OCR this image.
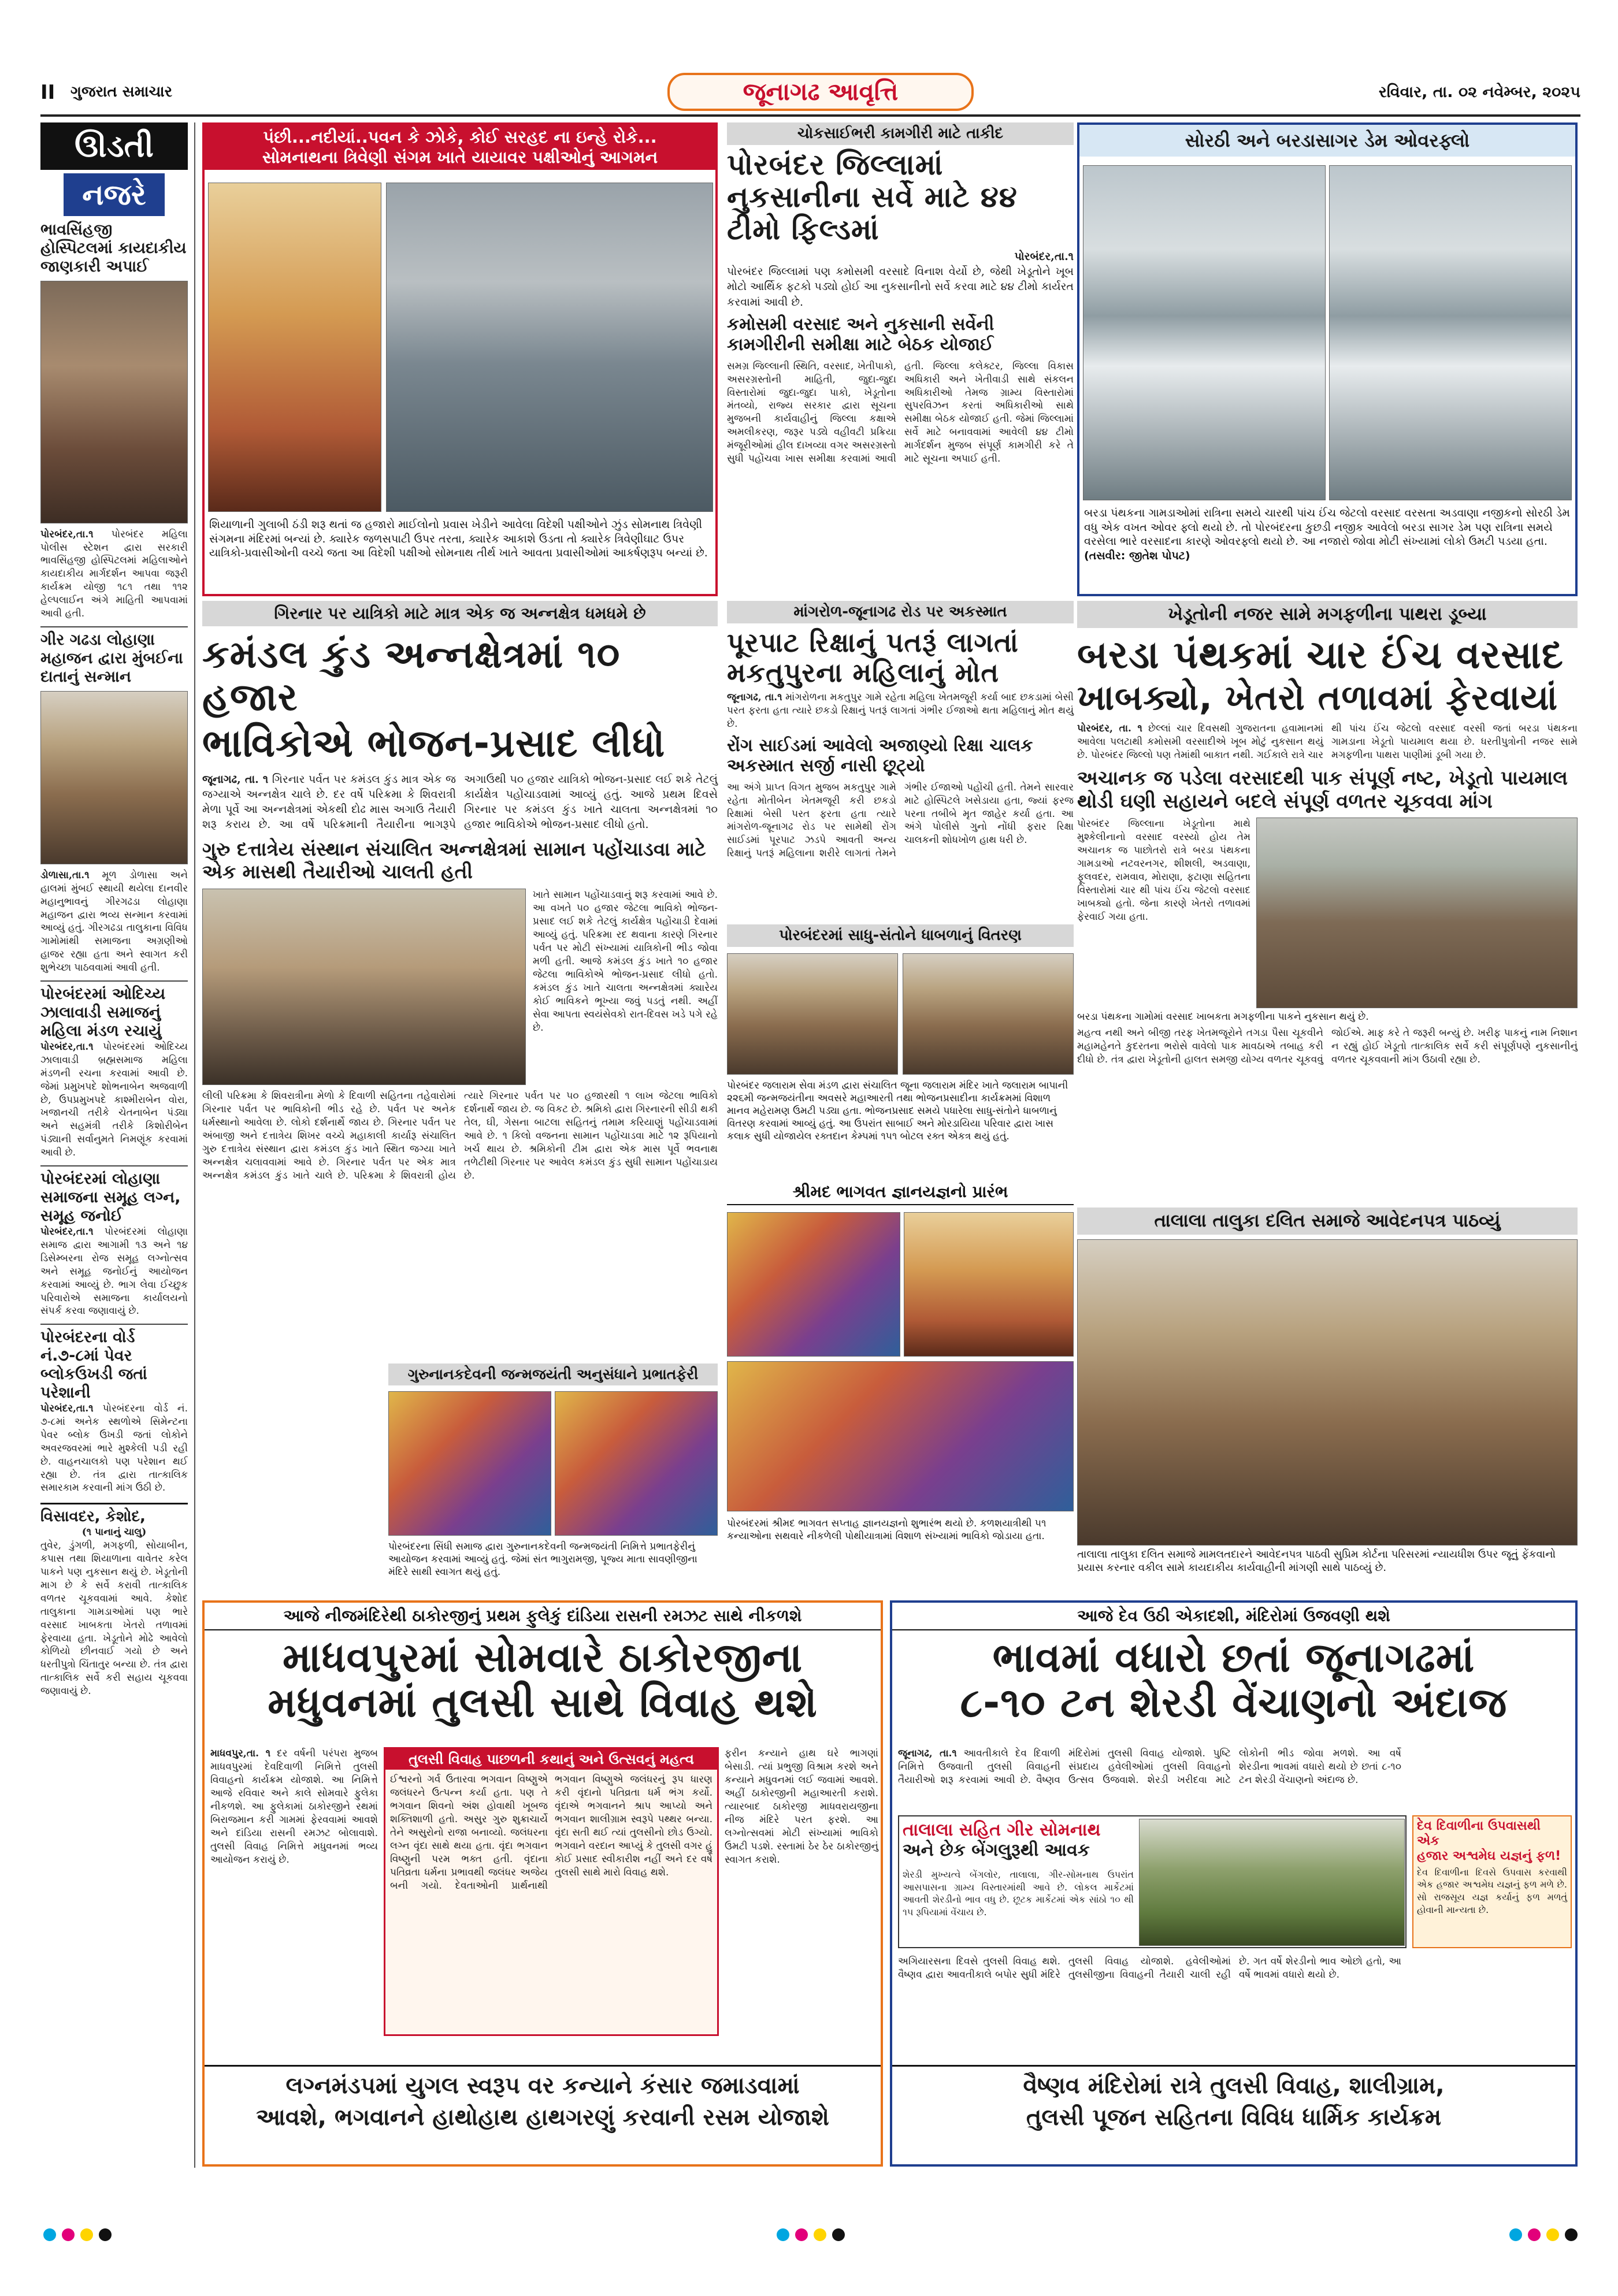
II ગુજરાત સમાચાર	જૂનાગઢ આવૃત્તિ	રવિવાર, તા. ૦૨ નવેમ્બર, ૨૦૨૫
ઊડતી
નજરે
ભાવસિંહજી હોસ્પિટલમાં કાયદાકીય જાણકારી અપાઈ
પોરબંદર,તા.૧ પોરબંદર મહિલા પોલીસ સ્ટેશન દ્વારા સરકારી ભાવસિંહજી હોસ્પિટલમાં મહિલાઓને કાયદાકીય માર્ગદર્શન આપવા જરૂરી કાર્યક્રમ યોજી ૧૮૧ તથા ૧૧૨ હેલ્પલાઈન અંગે માહિતી આપવામાં આવી હતી.
ગીર ગઢડા લોહાણા મહાજન દ્વારા મુંબઈના દાતાનું સન્માન
ડોળાસા,તા.૧ મૂળ ડોળાસા અને હાલમાં મુંબઈ સ્થાયી થયેલા દાનવીર મહાનુભાવનું ગીરગઢડા લોહાણા મહાજન દ્વારા ભવ્ય સન્માન કરવામાં આવ્યું હતું. ગીરગઢડા તાલુકાના વિવિધ ગામોમાંથી સમાજના અગ્રણીઓ હાજર રહ્યા હતા અને સ્વાગત કરી શુભેચ્છા પાઠવવામાં આવી હતી.
પોરબંદરમાં ઓદિચ્ય ઝાલાવાડી સમાજનું મહિલા મંડળ રચાયું
પોરબંદર,તા.૧ પોરબંદરમાં ઓદિચ્ય ઝાલાવાડી બ્રહ્મસમાજ મહિલા મંડળની રચના કરવામાં આવી છે. જેમાં પ્રમુખપદે શોભનાબેન અજવાળી છે, ઉપપ્રમુખપદે કાશ્મીરાબેન વોરા, ખજાનચી તરીકે ચેતનાબેન પંડ્યા અને સહમંત્રી તરીકે કિશોરીબેન પંડ્યાની સર્વાનુમતે નિમણૂંક કરવામાં આવી છે.
પોરબંદરમાં લોહાણા સમાજના સમૂહ લગ્ન, સમૂહ જનોઈ
પોરબંદર,તા.૧ પોરબંદરમાં લોહાણા સમાજ દ્વારા આગામી ૧૩ અને ૧૪ ડિસેમ્બરના રોજ સમૂહ લગ્નોત્સવ અને સમૂહ જનોઈનું આયોજન કરવામાં આવ્યું છે. ભાગ લેવા ઈચ્છુક પરિવારોએ સમાજના કાર્યાલયનો સંપર્ક કરવા જણાવાયું છે.
પોરબંદરના વોર્ડ નં.૭-૮માં પેવર બ્લોકઉખડી જતાં પરેશાની
પોરબંદર,તા.૧ પોરબંદરના વોર્ડ નં. ૭-૮માં અનેક સ્થળોએ સિમેન્ટના પેવર બ્લોક ઉખડી જતાં લોકોને અવરજવરમાં ભારે મુશ્કેલી પડી રહી છે. વાહનચાલકો પણ પરેશાન થઈ રહ્યા છે. તંત્ર દ્વારા તાત્કાલિક સમારકામ કરવાની માંગ ઉઠી છે.
વિસાવદર, કેશોદ,
(૧ પાનાનું ચાલુ)
તુવેર, ડુંગળી, મગફળી, સોયાબીન, કપાસ તથા શિયાળાના વાવેતર કરેલ પાકને પણ નુકસાન થયું છે. ખેડૂતોની માગ છે કે સર્વે કરાવી તાત્કાલિક વળતર ચૂકવવામાં આવે. કેશોદ તાલુકાના ગામડાઓમાં પણ ભારે વરસાદ ખાબકતા ખેતરો તળાવમાં ફેરવાયા હતા. ખેડૂતોને મોઢે આવેલો કોળિયો છીનવાઈ ગયો છે અને ધરતીપુત્રો ચિંતાતુર બન્યા છે. તંત્ર દ્વારા તાત્કાલિક સર્વે કરી સહાય ચૂકવવા જણાવાયું છે.
પંછી...નદીયાં..પવન કે ઝોકે, કોઈ સરહદ ના ઇન્હે રોકે...
સોમનાથના ત્રિવેણી સંગમ ખાતે યાયાવર પક્ષીઓનું આગમન
શિયાળાની ગુલાબી ઠંડી શરૂ થતાં જ હજારો માઈલોનો પ્રવાસ ખેડીને આવેલા વિદેશી પક્ષીઓને ઝુંડ સોમનાથ ત્રિવેણી સંગમના મંદિરમાં બન્યાં છે. ક્યારેક જળસપાટી ઉપર તરતા, ક્યારેક આકાશે ઉડતા તો ક્યારેક ત્રિવેણીઘાટ ઉપર યાત્રિકો-પ્રવાસીઓની વચ્ચે જતા આ વિદેશી પક્ષીઓ સોમનાથ તીર્થ ખાતે આવતા પ્રવાસીઓમાં આકર્ષણરૂપ બન્યાં છે.
ચોકસાઈભરી કામગીરી માટે તાકીદ
પોરબંદર જિલ્લામાં નુકસાનીના સર્વે માટે ૪૪ ટીમો ફિલ્ડમાં
પોરબંદર,તા.૧
પોરબંદર જિલ્લામાં પણ કમોસમી વરસાદે વિનાશ વેર્યો છે, જેથી ખેડૂતોને ખૂબ મોટો આર્થિક ફટકો પડ્યો હોઈ આ નુકસાનીનો સર્વે કરવા માટે ૪૪ ટીમો કાર્યરત કરવામાં આવી છે.
કમોસમી વરસાદ અને નુકસાની સર્વેની કામગીરીની સમીક્ષા માટે બેઠક યોજાઈ
સમગ્ર જિલ્લાની સ્થિતિ, વરસાદ, ખેતીપાકો, અસરગ્રસ્તોની માહિતી, જુદા-જુદા વિસ્તારોમાં જુદા-જુદા પાકો, ખેડૂતોના મંતવ્યો, રાજ્ય સરકાર દ્વારા સૂચના મુજબની કાર્યવાહીનું જિલ્લા કક્ષાએ અમલીકરણ, જરૂર પડ્યે વહીવટી પ્રક્રિયા મંજૂરીઓમાં હીલ દાખવ્યા વગર અસરગ્રસ્તો સુધી પહોંચવા ખાસ સમીક્ષા કરવામાં આવી હતી. જિલ્લા કલેક્ટર, જિલ્લા વિકાસ અધિકારી અને ખેતીવાડી સાથે સંકલન અધિકારીઓ તેમજ ગ્રામ્ય વિસ્તારોમાં સુપરવિઝન કરતાં અધિકારીઓ સાથે સમીક્ષા બેઠક યોજાઈ હતી. જેમાં જિલ્લામાં સર્વે માટે બનાવવામાં આવેલી ૪૪ ટીમો માર્ગદર્શન મુજબ સંપૂર્ણ કામગીરી કરે તે માટે સૂચના અપાઈ હતી.
સોરઠી અને બરડાસાગર ડેમ ઓવરફ્લો
બરડા પંથકના ગામડાઓમાં રાત્રિના સમયે ચારથી પાંચ ઈંચ જેટલો વરસાદ વરસતા અડવાણા નજીકનો સોરઠી ડેમ વધુ એક વખત ઓવર ફ્લો થયો છે. તો પોરબંદરના કુછડી નજીક આવેલો બરડા સાગર ડેમ પણ રાત્રિના સમયે વરસેલા ભારે વરસાદના કારણે ઓવરફ્લો થયો છે. આ નજારો જોવા મોટી સંખ્યામાં લોકો ઉમટી પડયા હતા. (તસવીર: જીતેશ પોપટ)
ગિરનાર પર યાત્રિકો માટે માત્ર એક જ અન્નક્ષેત્ર ધમધમે છે
કમંડલ કુંડ અન્નક્ષેત્રમાં ૧૦ હજાર
ભાવિકોએ ભોજન-પ્રસાદ લીધો
જૂનાગઢ, તા. ૧ ગિરનાર પર્વત પર કમંડલ કુંડ માત્ર એક જ જગ્યાએ અન્નક્ષેત્ર ચાલે છે. દર વર્ષે પરિક્રમા કે શિવરાત્રી મેળા પૂર્વે આ અન્નક્ષેત્રમાં એકથી દોઢ માસ અગાઉ તૈયારી શરૂ કરાય છે. આ વર્ષે પરિક્રમાની તૈયારીના ભાગરૂપે અગાઉથી ૫૦ હજાર યાત્રિકો ભોજન-પ્રસાદ લઈ શકે તેટલું કાર્યક્ષેત્ર પહોંચાડવામાં આવ્યું હતું. આજે પ્રથમ દિવસે ગિરનાર પર કમંડલ કુંડ ખાતે ચાલતા અન્નક્ષેત્રમાં ૧૦ હજાર ભાવિકોએ ભોજન-પ્રસાદ લીધો હતો.
ગુરુ દત્તાત્રેય સંસ્થાન સંચાલિત અન્નક્ષેત્રમાં સામાન પહોંચાડવા માટે એક માસથી તૈયારીઓ ચાલતી હતી
ખાતે સામાન પહોંચાડવાનું શરૂ કરવામાં આવે છે. આ વખતે ૫૦ હજાર જેટલા ભાવિકો ભોજન-પ્રસાદ લઈ શકે તેટલું કાર્યક્ષેત્ર પહોંચાડી દેવામાં આવ્યું હતું. પરિક્રમા રદ થવાના કારણે ગિરનાર પર્વત પર મોટી સંખ્યામાં યાત્રિકોની ભીડ જોવા મળી હતી. આજે કમંડલ કુંડ ખાતે ૧૦ હજાર જેટલા ભાવિકોએ ભોજન-પ્રસાદ લીધો હતો. કમંડલ કુંડ ખાતે ચાલતા અન્નક્ષેત્રમાં ક્યારેય કોઈ ભાવિકને ભૂખ્યા જવું પડતું નથી. અહીં સેવા આપતા સ્વયંસેવકો રાત-દિવસ ખડે પગે રહે છે.
લીલી પરિક્રમા કે શિવરાત્રીના મેળો કે દિવાળી સહિતના તહેવારોમાં ગિરનાર પર્વત પર ભાવિકોની ભીડ રહે છે. પર્વત પર અનેક ધર્મસ્થાનો આવેલા છે. લોકો દર્શનાર્થે જાય છે. ગિરનાર પર્વત પર અંબાજી અને દત્તાત્રેય શિખર વચ્ચે મહાકાલી કાર્યારૂ સંચાલિત ગુરુ દત્તાત્રેય સંસ્થાન દ્વારા કમંડલ કુંડ ખાતે સ્થિત જગ્યા ખાતે અન્નક્ષેત્ર ચલાવવામાં આવે છે. ગિરનાર પર્વત પર એક માત્ર અન્નક્ષેત્ર કમંડલ કુંડ ખાતે ચાલે છે. પરિક્રમા કે શિવરાત્રી હોય ત્યારે ગિરનાર પર્વત પર ૫૦ હજારથી ૧ લાખ જેટલા ભાવિકો દર્શનાર્થે જાય છે. જ વિકટ છે. શ્રમિકો દ્વારા ગિરનારની સીડી થકી તેલ, ઘી, ગેસના બાટલા સહિતનું તમામ કરિયાણું પહોંચાડવામાં આવે છે. ૧ કિલો વજનના સામાન પહોંચાડવા માટે ૧૨ રૂપિયાનો ખર્ચ થાય છે. શ્રમિકોની ટીમ દ્વારા એક માસ પૂર્વે ભવનાથ તળેટીથી ગિરનાર પર આવેલ કમંડલ કુંડ સુધી સામાન પહોંચાડાય છે.
માંગરોળ-જૂનાગઢ રોડ પર અકસ્માત
પૂરપાટ રિક્ષાનું પતરૂં લાગતાં મકતુપુરના મહિલાનું મોત
જૂનાગઢ, તા.૧ માંગરોળના મકતુપુર ગામે રહેતા મહિલા ખેતમજૂરી કર્યા બાદ છકડામાં બેસી પરત ફરતા હતા ત્યારે છકડો રિક્ષાનું પતરૂં લાગતાં ગંભીર ઈજાઓ થતા મહિલાનું મોત થયું છે.
રોંગ સાઈડમાં આવેલો અજાણ્યો રિક્ષા ચાલક અકસ્માત સર્જી નાસી છૂટ્યો
આ અંગે પ્રાપ્ત વિગત મુજબ મકતુપુર ગામે રહેતા મોતીબેન ખેતમજૂરી કરી છકડો રિક્ષામાં બેસી પરત ફરતા હતા ત્યારે માંગરોળ-જૂનાગઢ રોડ પર સામેથી રોંગ સાઈડમાં પૂરપાટ ઝડપે આવતી અન્ય રિક્ષાનું પતરૂં મહિલાના શરીરે લાગતાં તેમને ગંભીર ઈજાઓ પહોંચી હતી. તેમને સારવાર માટે હોસ્પિટલે ખસેડાયા હતા, જ્યાં ફરજ પરના તબીબે મૃત જાહેર કર્યા હતા. આ અંગે પોલીસે ગુનો નોંધી ફરાર રિક્ષા ચાલકની શોધખોળ હાથ ધરી છે.
પોરબંદરમાં સાધુ-સંતોને ધાબળાનું વિતરણ
પોરબંદર જલારામ સેવા મંડળ દ્વારા સંચાલિત જૂના જલારામ મંદિર ખાતે જલારામ બાપાની ૨૨૬મી જન્મજયંતીના અવસરે મહાઆરતી તથા ભોજનપ્રસાદીના કાર્યક્રમમાં વિશાળ માનવ મહેરામણ ઉમટી પડ્યા હતા. ભોજનપ્રસાદ સમયે પધારેલા સાધુ-સંતોને ધાબળાનું વિતરણ કરવામાં આવ્યું હતું. આ ઉપરાંત સાબાઈ અને મોરડાયિયા પરિવાર દ્વારા ખાસ કલાક સુધી યોજાયેલ રક્તદાન કેમ્પમાં ૧૫૧ બોટલ રક્ત એકત્ર થયું હતું.
ગુરુનાનકદેવની જન્મજયંતી અનુસંધાને પ્રભાતફેરી
પોરબંદરના સિંધી સમાજ દ્વારા ગુરુનાનકદેવની જન્મજયંતી નિમિત્તે પ્રભાતફેરીનું આયોજન કરવામાં આવ્યું હતું. જેમાં સંત ભાગુરામજી, પૂજ્ય માતા સાવણીજીના મંદિરે સાથી સ્વાગત થયું હતું.
શ્રીમદ ભાગવત જ્ઞાનયજ્ઞનો પ્રારંભ
પોરબંદરમાં શ્રીમદ ભાગવત સપ્તાહ જ્ઞાનયજ્ઞનો શુભારંભ થયો છે. કળશયાત્રીથી ૫૧ કન્યાઓના સથવારે નીકળેલી પોથીયાત્રામાં વિશાળ સંખ્યામાં ભાવિકો જોડાયા હતા.
ખેડૂતોની નજર સામે મગફળીના પાથરા ડૂબ્યા
બરડા પંથકમાં ચાર ઈંચ વરસાદ
ખાબક્યો, ખેતરો તળાવમાં ફેરવાયાં
પોરબંદર, તા. ૧ છેલ્લાં ચાર દિવસથી ગુજરાતના હવામાનમાં આવેલા પલટાથી કમોસમી વરસાદીએ ખૂબ મોટું નુકસાન થયું છે. પોરબંદર જિલ્લો પણ તેમાંથી બાકાત નથી. ગઈકાલે રાત્રે ચાર થી પાંચ ઈંચ જેટલો વરસાદ વરસી જતાં બરડા પંથકના ગામડાના ખેડૂતો પાયમાલ થયા છે. ધરતીપુત્રોની નજર સામે મગફળીના પાથરા પાણીમાં ડૂબી ગયા છે.
અચાનક જ પડેલા વરસાદથી પાક સંપૂર્ણ નષ્ટ, ખેડૂતો પાયમાલ થોડી ઘણી સહાયને બદલે સંપૂર્ણ વળતર ચૂકવવા માંગ
પોરબંદર જિલ્લાના ખેડૂતોના માથે મુશ્કેલીનાનો વરસાદ વરસ્યો હોય તેમ અચાનક જ પાછોતરો રાત્રે બરડા પંથકના ગામડાઓ નટવરનગર, શીશલી, અડવાણા, ફૂલવદર, રામવાવ, મોરાણા, ફટાણા સહિતના વિસ્તારોમાં ચાર થી પાંચ ઈંચ જેટલો વરસાદ ખાબક્યો હતો. જેના કારણે ખેતરો તળાવમાં ફેરવાઈ ગયા હતા.
બરડા પંથકના ગામોમાં વરસાદ ખાબકતા મગફળીના પાકને નુકસાન થયું છે.
મહત્વ નથી અને બીજી તરફ ખેતમજૂરોને તગડા પૈસા ચૂકવીને મહામહેનતે કુદરતના ભરોસે વાવેલો પાક માવઠાએ તબાહ કરી દીધો છે. તંત્ર દ્વારા ખેડૂતોની હાલત સમજી યોગ્ય વળતર ચૂકવવું જોઈએ. માફ કરે તે જરૂરી બન્યું છે. ખરીફ પાકનું નામ નિશાન ન રહ્યું હોઈ ખેડૂતો તાત્કાલિક સર્વે કરી સંપૂર્ણપણે નુકસાનીનું વળતર ચૂકવવાની માંગ ઉઠાવી રહ્યા છે.
તાલાલા તાલુકા દલિત સમાજે આવેદનપત્ર પાઠવ્યું
તાલાલા તાલુકા દલિત સમાજે મામલતદારને આવેદનપત્ર પાઠવી સુપ્રિમ કોર્ટના પરિસરમાં ન્યાયધીશ ઉપર જૂતું ફેંકવાનો પ્રયાસ કરનાર વકીલ સામે કાયદાકીય કાર્યવાહીની માંગણી સાથે પાઠવ્યું છે.
આજે નીજમંદિરેથી ઠાકોરજીનું પ્રથમ ફુલેકું દાંડિયા રાસની રમઝટ સાથે નીકળશે
માધવપુરમાં સોમવારે ઠાકોરજીના
મધુવનમાં તુલસી સાથે વિવાહ થશે
માધવપુર,તા. ૧ દર વર્ષની પરંપરા મુજબ માધવપુરમાં દેવદિવાળી નિમિત્તે તુલસી વિવાહનો કાર્યક્રમ યોજાશે. આ નિમિત્તે આજે રવિવાર અને કાલે સોમવારે ફુલેકા નીકળશે. આ ફુલેકામાં ઠાકોરજીને રથમાં બિરાજમાન કરી ગામમાં ફેરવવામાં આવશે અને દાંડિયા રાસની રમઝટ બોલાવાશે. તુલસી વિવાહ નિમિત્તે મધુવનમાં ભવ્ય આયોજન કરાયું છે.
તુલસી વિવાહ પાછળની કથાનું અને ઉત્સવનું મહત્વ
ઈશ્વરનો ગર્વ ઉતારવા ભગવાન વિષ્ણુએ જલંધરને ઉત્પન્ન કર્યા હતા. પણ તે ભગવાન શિવનો અંશ હોવાથી ખૂબજ શક્તિશાળી હતો. અસુર ગુરુ શુક્રાચાર્યે તેને અસુરોનો રાજા બનાવ્યો. જલંધરના લગ્ન વૃંદા સાથે થયા હતા. વૃંદા ભગવાન વિષ્ણુની પરમ ભક્ત હતી. વૃંદાના પતિવ્રતા ધર્મના પ્રભાવથી જલંધર અજેય બની ગયો. દેવતાઓની પ્રાર્થનાથી ભગવાન વિષ્ણુએ જલંધરનું રૂપ ધારણ કરી વૃંદાનો પતિવ્રતા ધર્મ ભંગ કર્યો. વૃંદાએ ભગવાનને શ્રાપ આપ્યો અને ભગવાન શાલીગ્રામ સ્વરૂપે પથ્થર બન્યા. વૃંદા સતી થઈ ત્યાં તુલસીનો છોડ ઉગ્યો. ભગવાને વરદાન આપ્યું કે તુલસી વગર હું કોઈ પ્રસાદ સ્વીકારીશ નહીં અને દર વર્ષે તુલસી સાથે મારો વિવાહ થશે.
ફરીન કન્યાને હાથ ઘરે ભાગણાં બેસાડી. ત્યાં પ્રભુજી વિશ્રામ કરશે અને કન્યાને મધુવનમાં લઈ જવામાં આવશે. અહીં ઠાકોરજીની મહાઆરતી કરાશે. ત્યારબાદ ઠાકોરજી માધવરાયજીના નીજ મંદિરે પરત ફરશે. આ લગ્નોત્સવમાં મોટી સંખ્યામાં ભાવિકો ઉમટી પડશે. રસ્તામાં ઠેર ઠેર ઠાકોરજીનું સ્વાગત કરાશે.
લગ્નમંડપમાં યુગલ સ્વરૂપ વર કન્યાને કંસાર જમાડવામાં
આવશે, ભગવાનને હાથોહાથ હાથગરણું કરવાની રસમ યોજાશે
આજે દેવ ઉઠી એકાદશી, મંદિરોમાં ઉજવણી થશે
ભાવમાં વધારો છતાં જૂનાગઢમાં
૮-૧૦ ટન શેરડી વેંચાણનો અંદાજ
જૂનાગઢ, તા.૧ આવતીકાલે દેવ દિવાળી નિમિત્તે ઉજવાતી તુલસી વિવાહની તૈયારીઓ શરૂ કરવામાં આવી છે. વૈષ્ણવ મંદિરોમાં તુલસી વિવાહ યોજાશે. પુષ્ટિ સંપ્રદાય હવેલીઓમાં તુલસી વિવાહનો ઉત્સવ ઉજવાશે. શેરડી ખરીદવા માટે લોકોની ભીડ જોવા મળશે. આ વર્ષે શેરડીના ભાવમાં વધારો થયો છે છતાં ૮-૧૦ ટન શેરડી વેંચાણનો અંદાજ છે.
તાલાલા સહિત ગીર સોમનાથ
અને છેક બેંગલુરૂથી આવક
શેરડી મુખ્યત્વે બેંગલોર, તાલાલા, ગીર-સોમનાથ ઉપરાંત આસપાસના ગ્રામ્ય વિસ્તારમાંથી આવે છે. લોકલ માર્કેટમાં આવતી શેરડીનો ભાવ વધુ છે. છૂટક માર્કેટમાં એક સાંઠો ૧૦ થી ૧૫ રૂપિયામાં વેંચાય છે.
દેવ દિવાળીના ઉપવાસથી એક
હજાર અશ્વમેઘ યજ્ઞનું ફળ!
દેવ દિવાળીના દિવસે ઉપવાસ કરવાથી એક હજાર અશ્વમેઘ યજ્ઞનું ફળ મળે છે. સો રાજસૂય યજ્ઞ કર્યાનું ફળ મળતું હોવાની માન્યતા છે.
અગિયારસના દિવસે તુલસી વિવાહ થશે. વૈષ્ણવ દ્વારા આવતીકાલે બપોર સુધી મંદિરે તુલસી વિવાહ યોજાશે. હવેલીઓમાં તુલસીજીના વિવાહની તૈયારી ચાલી રહી છે. ગત વર્ષે શેરડીનો ભાવ ઓછો હતો, આ વર્ષે ભાવમાં વધારો થયો છે.
વૈષ્ણવ મંદિરોમાં રાત્રે તુલસી વિવાહ, શાલીગ્રામ,
તુલસી પૂજન સહિતના વિવિધ ધાર્મિક કાર્યક્રમ
